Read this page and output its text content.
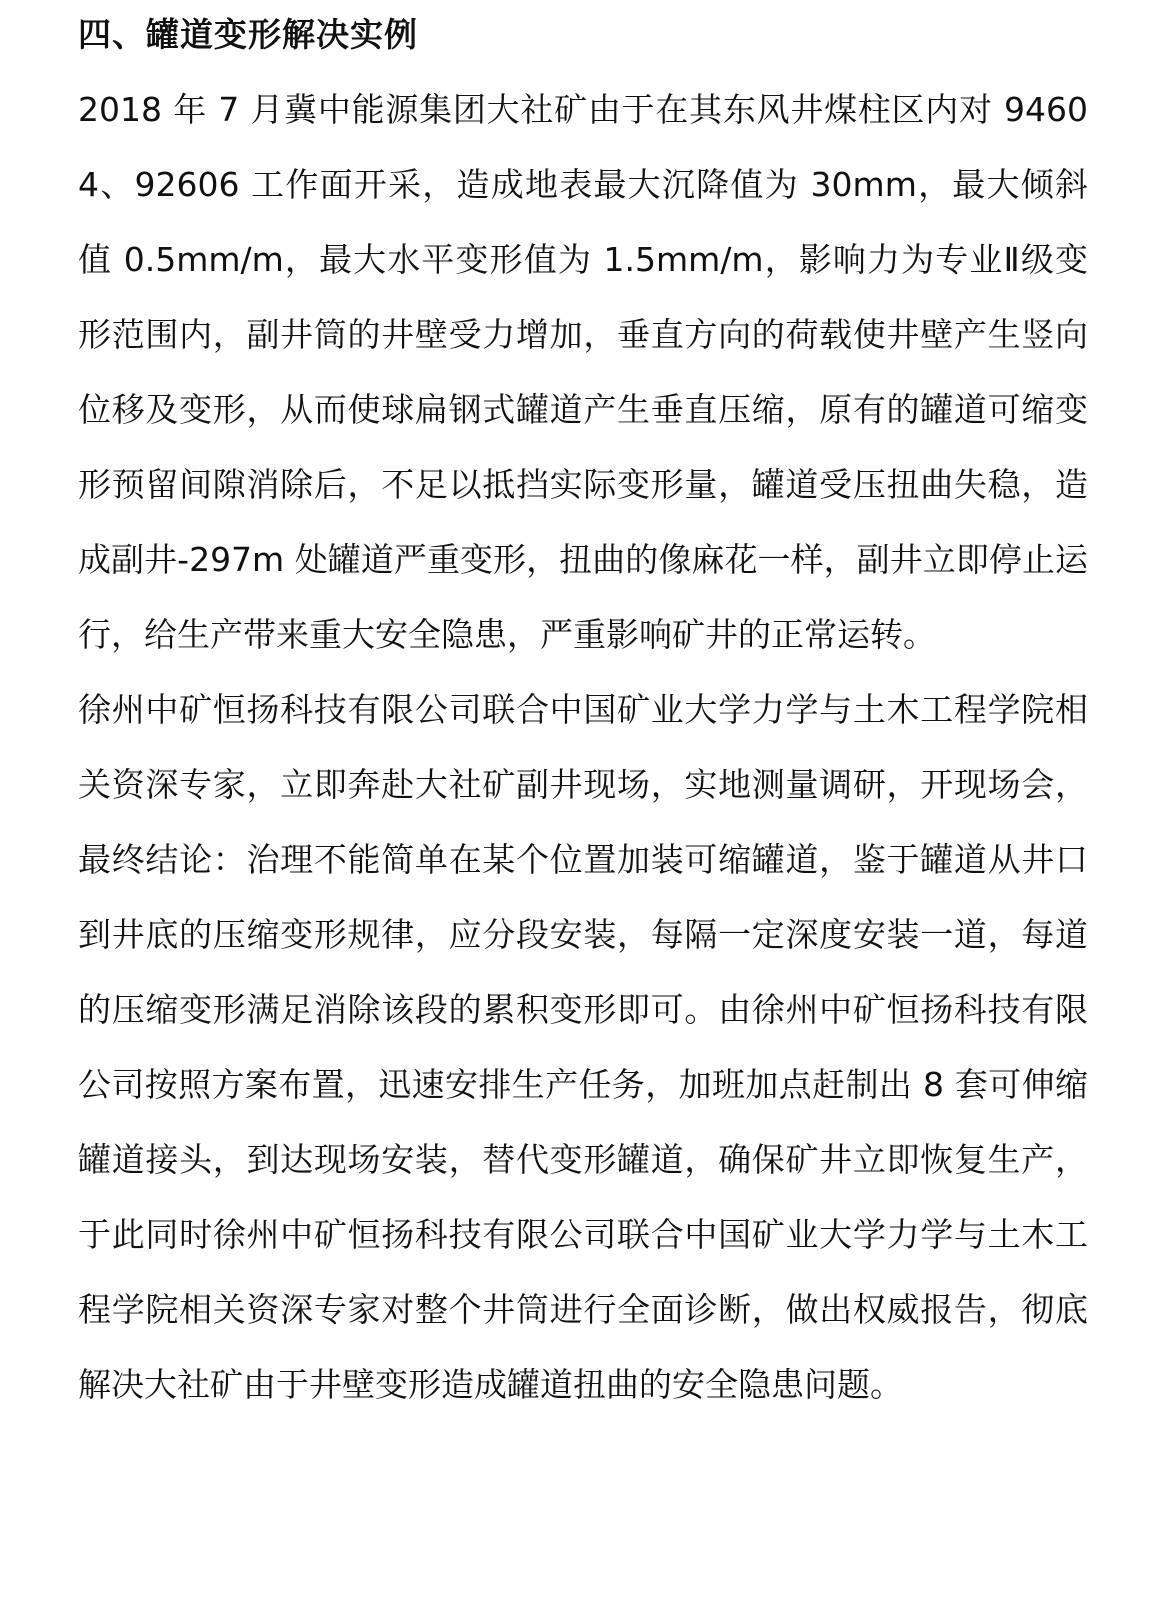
四、罐道变形解决实例

2018 年 7 月冀中能源集团大社矿由于在其东风井煤柱区内对 94604、92606 工作面开采，造成地表最大沉降值为 30mm，最大倾斜值 0.5mm/m，最大水平变形值为 1.5mm/m，影响力为专业Ⅱ级变形范围内，副井筒的井壁受力增加，垂直方向的荷载使井壁产生竖向位移及变形，从而使球扁钢式罐道产生垂直压缩，原有的罐道可缩变形预留间隙消除后，不足以抵挡实际变形量，罐道受压扭曲失稳，造成副井-297m 处罐道严重变形，扭曲的像麻花一样，副井立即停止运行，给生产带来重大安全隐患，严重影响矿井的正常运转。

徐州中矿恒扬科技有限公司联合中国矿业大学力学与土木工程学院相关资深专家，立即奔赴大社矿副井现场，实地测量调研，开现场会，最终结论：治理不能简单在某个位置加装可缩罐道，鉴于罐道从井口到井底的压缩变形规律，应分段安装，每隔一定深度安装一道，每道的压缩变形满足消除该段的累积变形即可。由徐州中矿恒扬科技有限公司按照方案布置，迅速安排生产任务，加班加点赶制出 8 套可伸缩罐道接头，到达现场安装，替代变形罐道，确保矿井立即恢复生产，于此同时徐州中矿恒扬科技有限公司联合中国矿业大学力学与土木工程学院相关资深专家对整个井筒进行全面诊断，做出权威报告，彻底解决大社矿由于井壁变形造成罐道扭曲的安全隐患问题。
